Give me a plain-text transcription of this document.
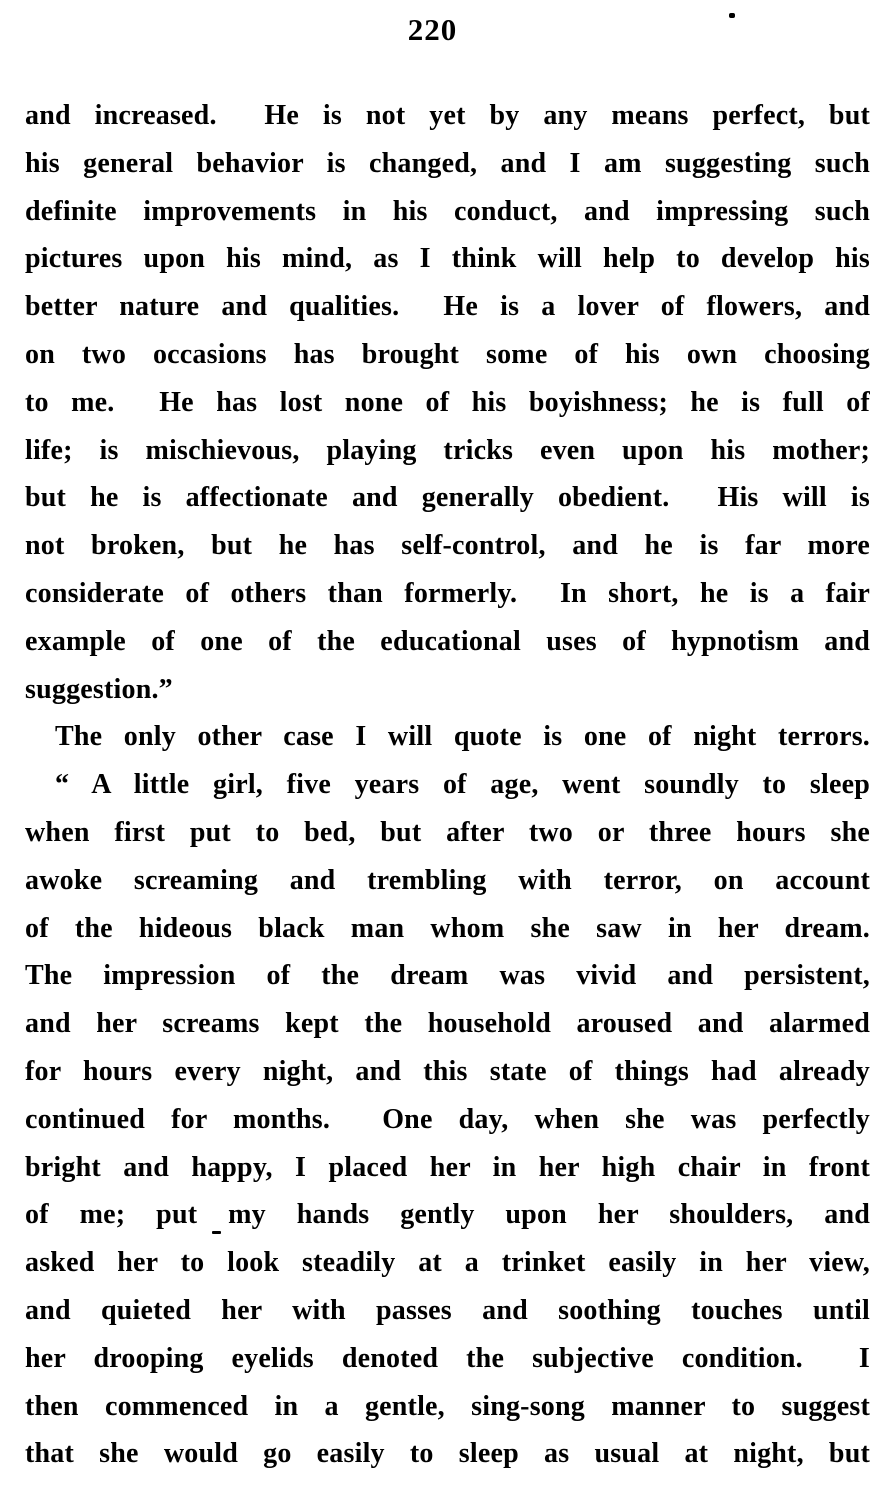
220
and increased.  He is not yet by any means perfect, but
his general behavior is changed, and I am suggesting such
definite improvements in his conduct, and impressing such
pictures upon his mind, as I think will help to develop his
better nature and qualities.  He is a lover of flowers, and
on two occasions has brought some of his own choosing
to me.  He has lost none of his boyishness; he is full of
life; is mischievous, playing tricks even upon his mother;
but he is affectionate and generally obedient.  His will is
not broken, but he has self-control, and he is far more
considerate of others than formerly.  In short, he is a fair
example of one of the educational uses of hypnotism and
suggestion.”
The only other case I will quote is one of night terrors.
“ A little girl, five years of age, went soundly to sleep
when first put to bed, but after two or three hours she
awoke screaming and trembling with terror, on account
of the hideous black man whom she saw in her dream.
The impression of the dream was vivid and persistent,
and her screams kept the household aroused and alarmed
for hours every night, and this state of things had already
continued for months.  One day, when she was perfectly
bright and happy, I placed her in her high chair in front
of me; put my hands gently upon her shoulders, and
asked her to look steadily at a trinket easily in her view,
and quieted her with passes and soothing touches until
her drooping eyelids denoted the subjective condition.  I
then commenced in a gentle, sing-song manner to suggest
that she would go easily to sleep as usual at night, but
